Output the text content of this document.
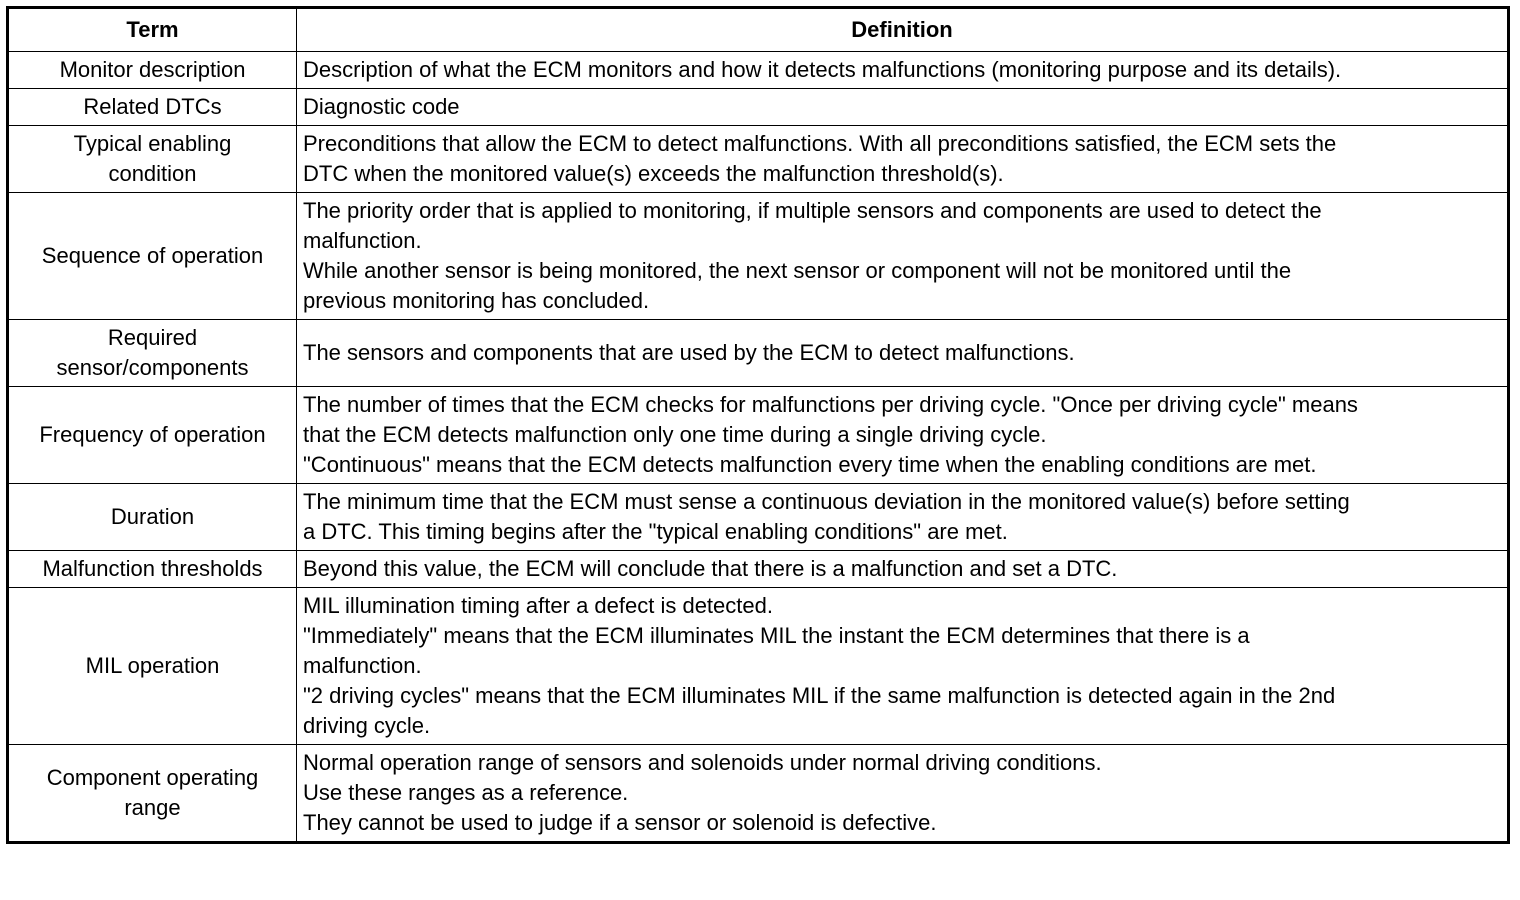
Term	Definition

Monitor description	Description of what the ECM monitors and how it detects malfunctions (monitoring purpose and its details).

Related DTCs	Diagnostic code

Typical enabling
condition	Preconditions that allow the ECM to detect malfunctions. With all preconditions satisfied, the ECM sets the
DTC when the monitored value(s) exceeds the malfunction threshold(s).

Sequence of operation	The priority order that is applied to monitoring, if multiple sensors and components are used to detect the
malfunction.
While another sensor is being monitored, the next sensor or component will not be monitored until the
previous monitoring has concluded.

Required
sensor/components	The sensors and components that are used by the ECM to detect malfunctions.

Frequency of operation	The number of times that the ECM checks for malfunctions per driving cycle. "Once per driving cycle" means
that the ECM detects malfunction only one time during a single driving cycle.
"Continuous" means that the ECM detects malfunction every time when the enabling conditions are met.

Duration	The minimum time that the ECM must sense a continuous deviation in the monitored value(s) before setting
a DTC. This timing begins after the "typical enabling conditions" are met.

Malfunction thresholds	Beyond this value, the ECM will conclude that there is a malfunction and set a DTC.

MIL operation	MIL illumination timing after a defect is detected.
"Immediately" means that the ECM illuminates MIL the instant the ECM determines that there is a
malfunction.
"2 driving cycles" means that the ECM illuminates MIL if the same malfunction is detected again in the 2nd
driving cycle.

Component operating
range	Normal operation range of sensors and solenoids under normal driving conditions.
Use these ranges as a reference.
They cannot be used to judge if a sensor or solenoid is defective.
